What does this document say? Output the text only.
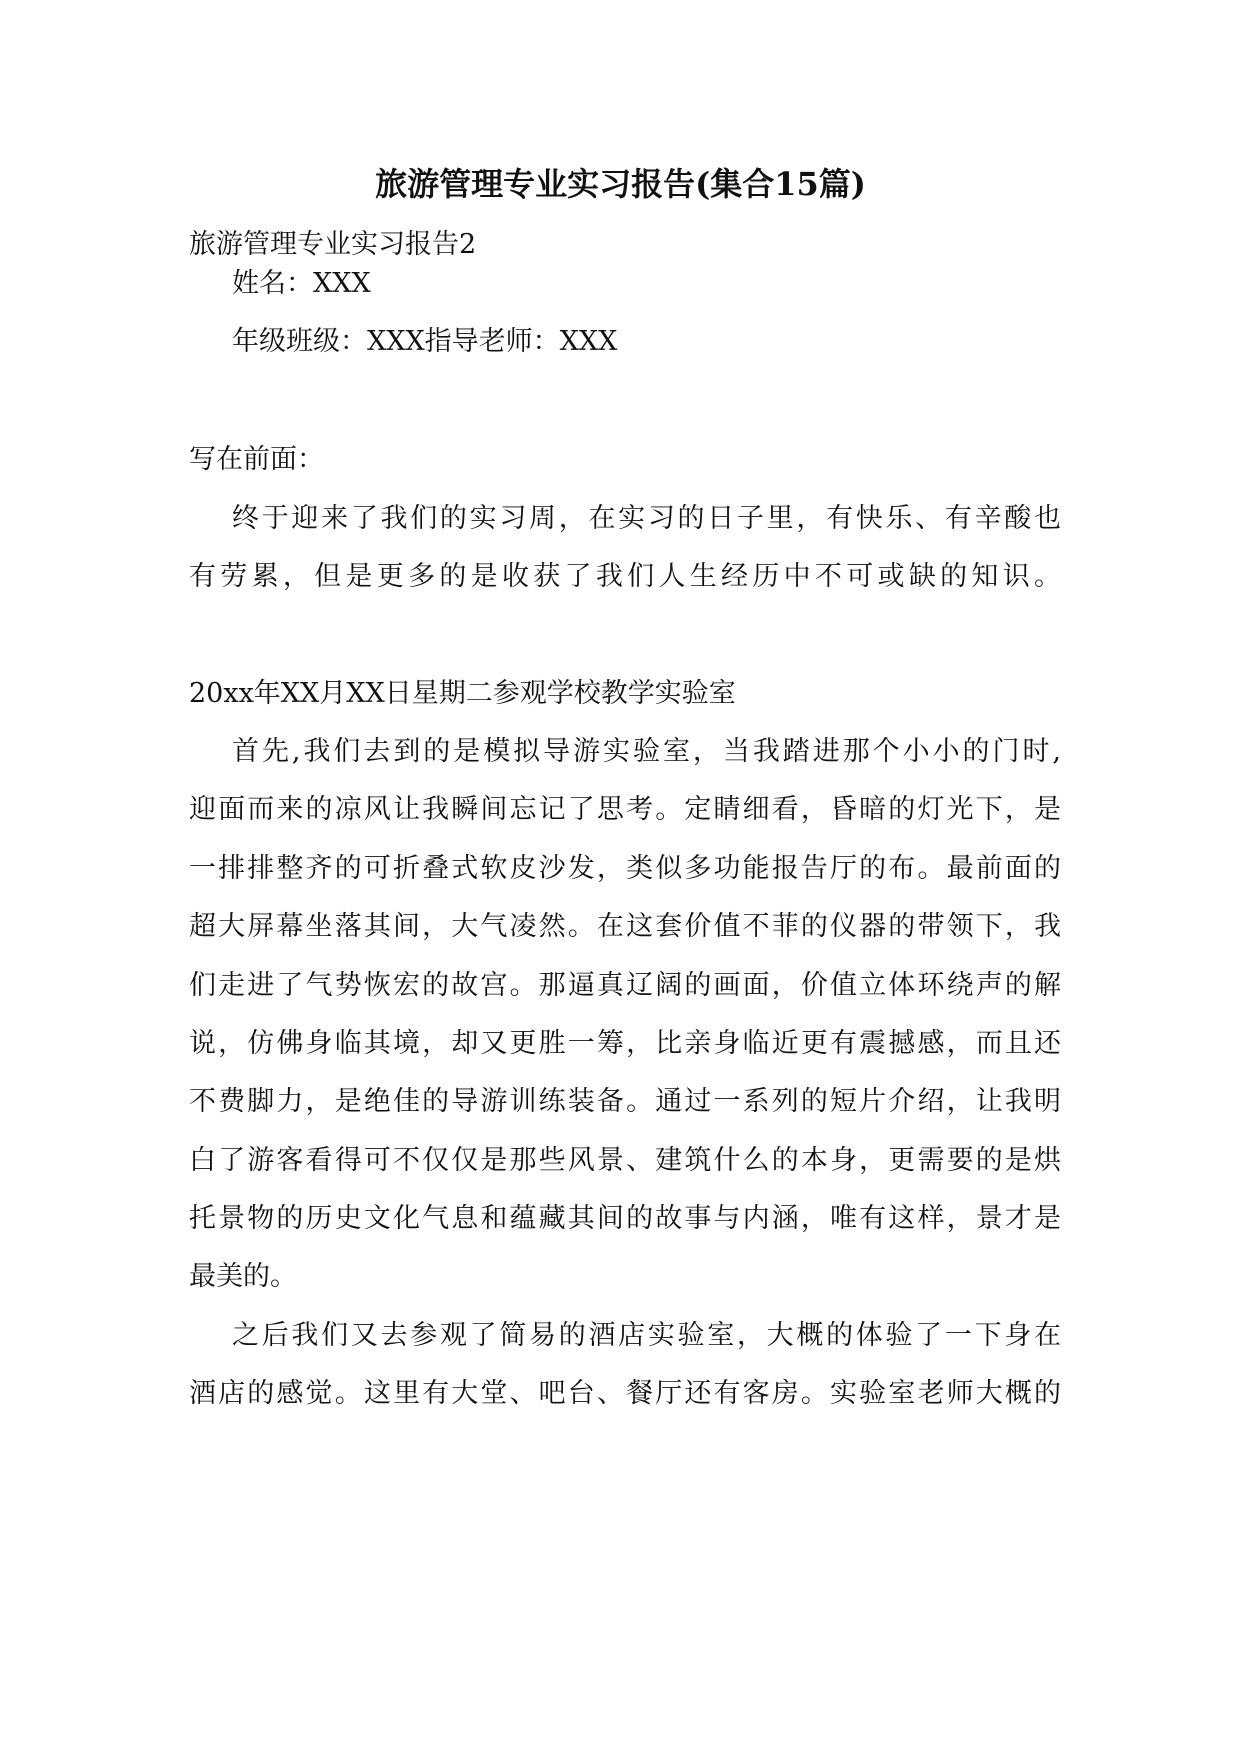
旅游管理专业实习报告(集合15篇)

旅游管理专业实习报告2

姓名：XXX

年级班级：XXX指导老师：XXX

写在前面：

终于迎来了我们的实习周，在实习的日子里，有快乐、有辛酸也

有劳累，但是更多的是收获了我们人生经历中不可或缺的知识。

20xx年XX月XX日星期二参观学校教学实验室

首先,我们去到的是模拟导游实验室，当我踏进那个小小的门时,

迎面而来的凉风让我瞬间忘记了思考。定睛细看，昏暗的灯光下，是

一排排整齐的可折叠式软皮沙发，类似多功能报告厅的布。最前面的

超大屏幕坐落其间，大气凌然。在这套价值不菲的仪器的带领下，我

们走进了气势恢宏的故宫。那逼真辽阔的画面，价值立体环绕声的解

说，仿佛身临其境，却又更胜一筹，比亲身临近更有震撼感，而且还

不费脚力，是绝佳的导游训练装备。通过一系列的短片介绍，让我明

白了游客看得可不仅仅是那些风景、建筑什么的本身，更需要的是烘

托景物的历史文化气息和蕴藏其间的故事与内涵，唯有这样，景才是

最美的。

之后我们又去参观了简易的酒店实验室，大概的体验了一下身在

酒店的感觉。这里有大堂、吧台、餐厅还有客房。实验室老师大概的
